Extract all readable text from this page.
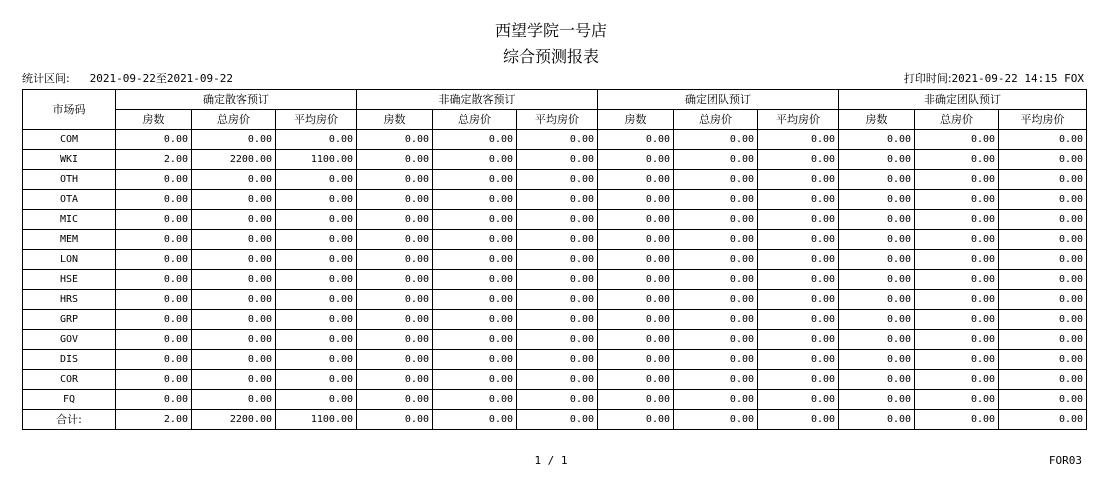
西望学院一号店
综合预测报表
统计区间: 2021-09-22至2021-09-22	打印时间:2021-09-22 14:15 FOX
市场码	确定散客预订			非确定散客预订			确定团队预订			非确定团队预订		
	房数	总房价	平均房价	房数	总房价	平均房价	房数	总房价	平均房价	房数	总房价	平均房价
COM	0.00	0.00	0.00	0.00	0.00	0.00	0.00	0.00	0.00	0.00	0.00	0.00
WKI	2.00	2200.00	1100.00	0.00	0.00	0.00	0.00	0.00	0.00	0.00	0.00	0.00
OTH	0.00	0.00	0.00	0.00	0.00	0.00	0.00	0.00	0.00	0.00	0.00	0.00
OTA	0.00	0.00	0.00	0.00	0.00	0.00	0.00	0.00	0.00	0.00	0.00	0.00
MIC	0.00	0.00	0.00	0.00	0.00	0.00	0.00	0.00	0.00	0.00	0.00	0.00
MEM	0.00	0.00	0.00	0.00	0.00	0.00	0.00	0.00	0.00	0.00	0.00	0.00
LON	0.00	0.00	0.00	0.00	0.00	0.00	0.00	0.00	0.00	0.00	0.00	0.00
HSE	0.00	0.00	0.00	0.00	0.00	0.00	0.00	0.00	0.00	0.00	0.00	0.00
HRS	0.00	0.00	0.00	0.00	0.00	0.00	0.00	0.00	0.00	0.00	0.00	0.00
GRP	0.00	0.00	0.00	0.00	0.00	0.00	0.00	0.00	0.00	0.00	0.00	0.00
GOV	0.00	0.00	0.00	0.00	0.00	0.00	0.00	0.00	0.00	0.00	0.00	0.00
DIS	0.00	0.00	0.00	0.00	0.00	0.00	0.00	0.00	0.00	0.00	0.00	0.00
COR	0.00	0.00	0.00	0.00	0.00	0.00	0.00	0.00	0.00	0.00	0.00	0.00
FQ	0.00	0.00	0.00	0.00	0.00	0.00	0.00	0.00	0.00	0.00	0.00	0.00
合计:	2.00	2200.00	1100.00	0.00	0.00	0.00	0.00	0.00	0.00	0.00	0.00	0.00
1 / 1	FOR03
